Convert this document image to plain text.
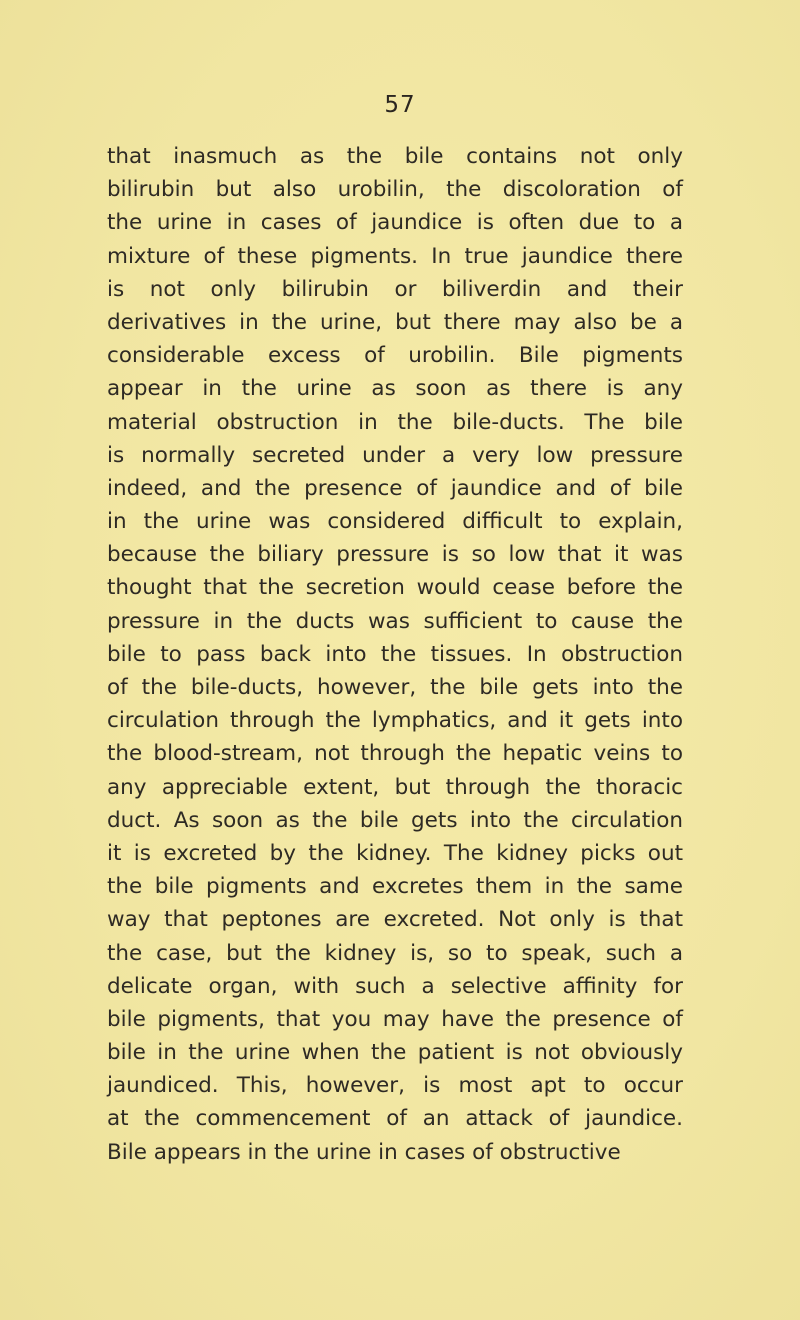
57
that inasmuch as the bile contains not only
bilirubin but also urobilin, the discoloration of
the urine in cases of jaundice is often due to a
mixture of these pigments. In true jaundice there
is not only bilirubin or biliverdin and their
derivatives in the urine, but there may also be a
considerable excess of urobilin. Bile pigments
appear in the urine as soon as there is any
material obstruction in the bile-ducts. The bile
is normally secreted under a very low pressure
indeed, and the presence of jaundice and of bile
in the urine was considered difficult to explain,
because the biliary pressure is so low that it was
thought that the secretion would cease before the
pressure in the ducts was sufficient to cause the
bile to pass back into the tissues. In obstruction
of the bile-ducts, however, the bile gets into the
circulation through the lymphatics, and it gets into
the blood-stream, not through the hepatic veins to
any appreciable extent, but through the thoracic
duct. As soon as the bile gets into the circulation
it is excreted by the kidney. The kidney picks out
the bile pigments and excretes them in the same
way that peptones are excreted. Not only is that
the case, but the kidney is, so to speak, such a
delicate organ, with such a selective affinity for
bile pigments, that you may have the presence of
bile in the urine when the patient is not obviously
jaundiced. This, however, is most apt to occur
at the commencement of an attack of jaundice.
Bile appears in the urine in cases of obstructive
